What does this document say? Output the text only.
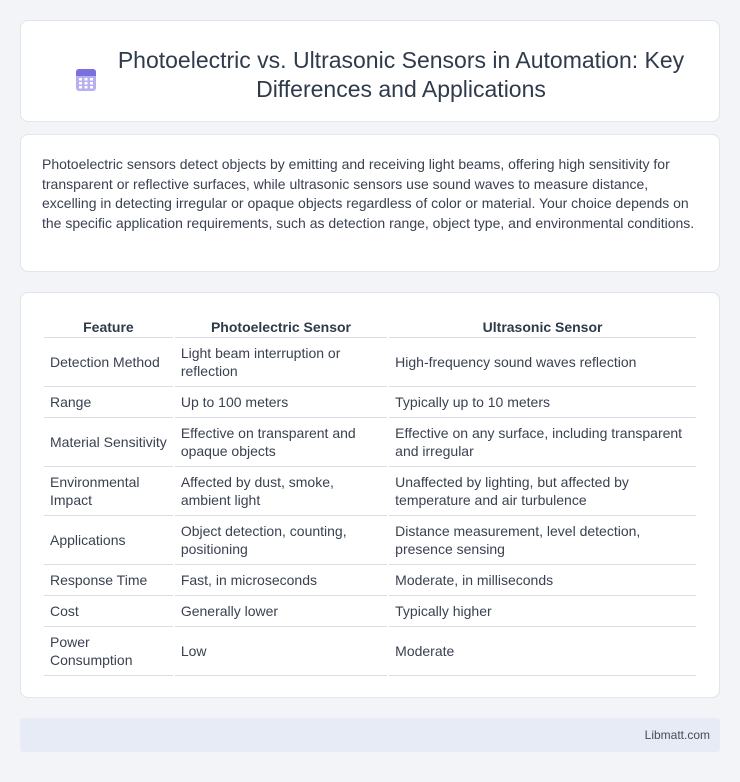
Photoelectric vs. Ultrasonic Sensors in Automation: Key Differences and Applications

Photoelectric sensors detect objects by emitting and receiving light beams, offering high sensitivity for transparent or reflective surfaces, while ultrasonic sensors use sound waves to measure distance, excelling in detecting irregular or opaque objects regardless of color or material. Your choice depends on the specific application requirements, such as detection range, object type, and environmental conditions.

Feature	Photoelectric Sensor	Ultrasonic Sensor
Detection Method	Light beam interruption or reflection	High-frequency sound waves reflection
Range	Up to 100 meters	Typically up to 10 meters
Material Sensitivity	Effective on transparent and opaque objects	Effective on any surface, including transparent and irregular
Environmental Impact	Affected by dust, smoke, ambient light	Unaffected by lighting, but affected by temperature and air turbulence
Applications	Object detection, counting, positioning	Distance measurement, level detection, presence sensing
Response Time	Fast, in microseconds	Moderate, in milliseconds
Cost	Generally lower	Typically higher
Power Consumption	Low	Moderate
Libmatt.com
